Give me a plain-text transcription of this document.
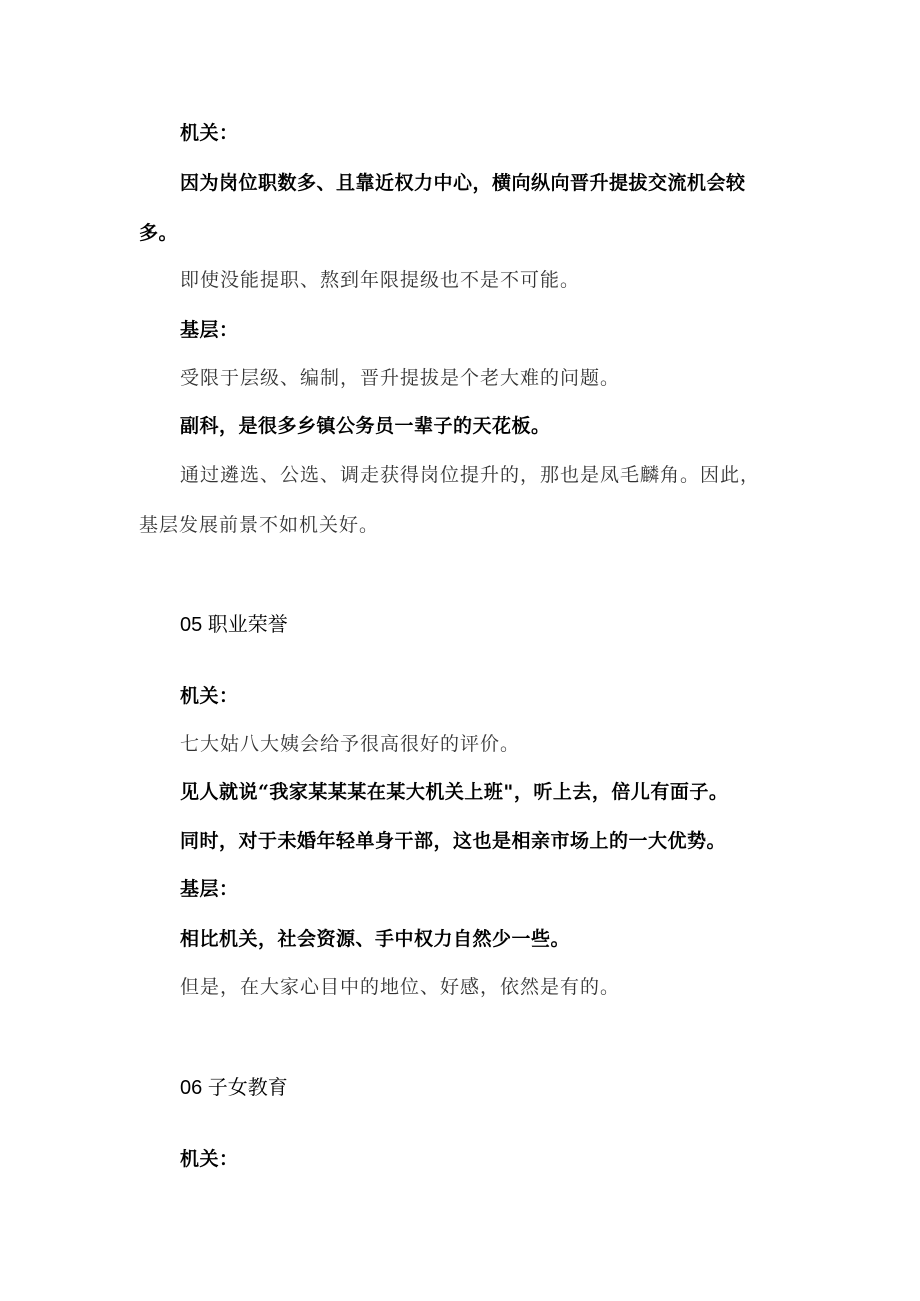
机关：
因为岗位职数多、且靠近权力中心，横向纵向晋升提拔交流机会较
多。
即使没能提职、熬到年限提级也不是不可能。
基层：
受限于层级、编制，晋升提拔是个老大难的问题。
副科，是很多乡镇公务员一辈子的天花板。
通过遴选、公选、调走获得岗位提升的，那也是凤毛麟角。因此，
基层发展前景不如机关好。
05 职业荣誉
机关：
七大姑八大姨会给予很高很好的评价。
见人就说“我家某某某在某大机关上班"，听上去，倍儿有面子。
同时，对于未婚年轻单身干部，这也是相亲市场上的一大优势。
基层：
相比机关，社会资源、手中权力自然少一些。
但是，在大家心目中的地位、好感，依然是有的。
06 子女教育
机关：
